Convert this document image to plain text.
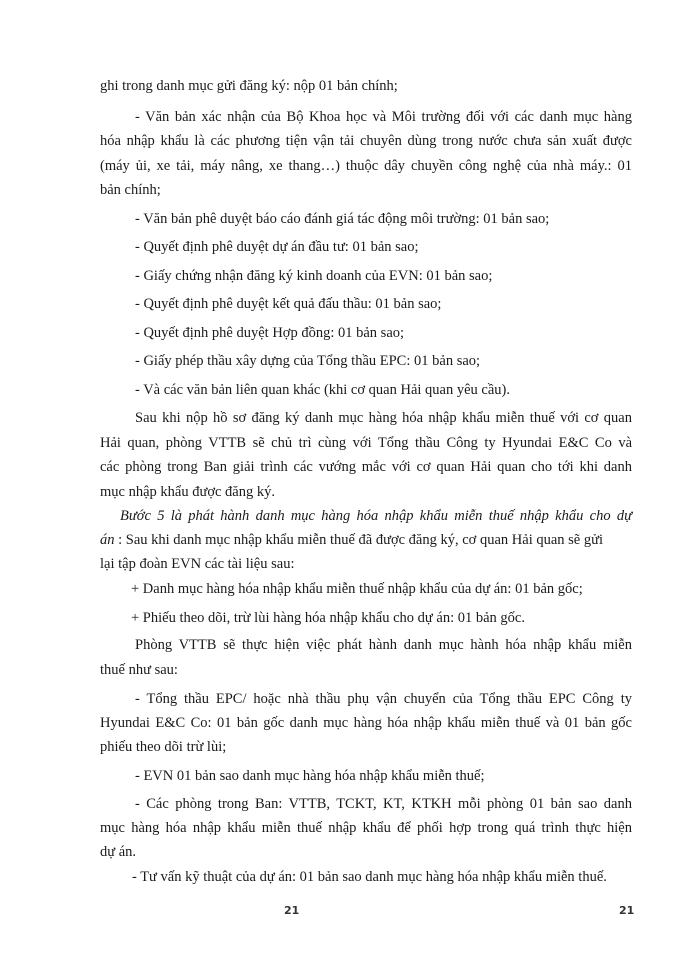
ghi trong danh mục gửi đăng ký: nộp 01 bản chính;

- Văn bản xác nhận của Bộ Khoa học và Môi trường đối với các danh mục hàng

hóa nhập khẩu là các phương tiện vận tải chuyên dùng trong nước chưa sản xuất được

(máy ủi, xe tải, máy nâng, xe thang…) thuộc dây chuyền công nghệ của nhà máy.: 01

bản chính;

- Văn bản phê duyệt báo cáo đánh giá tác động môi trường: 01 bản sao;

- Quyết định phê duyệt dự án đầu tư: 01 bản sao;

- Giấy chứng nhận đăng ký kinh doanh của EVN: 01 bản sao;

- Quyết định phê duyệt kết quả đấu thầu: 01 bản sao;

- Quyết định phê duyệt Hợp đồng: 01 bản sao;

- Giấy phép thầu xây dựng của Tổng thầu EPC: 01 bản sao;

- Và các văn bản liên quan khác (khi cơ quan Hải quan yêu cầu).

Sau khi nộp hồ sơ đăng ký danh mục hàng hóa nhập khẩu miễn thuế với cơ quan

Hải quan, phòng VTTB sẽ chủ trì cùng với Tổng thầu Công ty Hyundai E&C Co và

các phòng trong Ban giải trình các vướng mắc với cơ quan Hải quan cho tới khi danh

mục nhập khẩu được đăng ký.

Bước 5 là phát hành danh mục hàng hóa nhập khẩu miễn thuế nhập khẩu cho dự

án : Sau khi danh mục nhập khẩu miễn thuế đã được đăng ký, cơ quan Hải quan sẽ gửi

lại tập đoàn EVN các tài liệu sau:

+ Danh mục hàng hóa nhập khẩu miễn thuế nhập khẩu của dự án: 01 bản gốc;

+ Phiếu theo dõi, trừ lùi hàng hóa nhập khẩu cho dự án: 01 bản gốc.

Phòng VTTB sẽ thực hiện việc phát hành danh mục hành hóa nhập khẩu miễn

thuế như sau:

- Tổng thầu EPC/ hoặc nhà thầu phụ vận chuyển của Tổng thầu EPC Công ty

Hyundai E&C Co: 01 bản gốc danh mục hàng hóa nhập khẩu miễn thuế và 01 bản gốc

phiếu theo dõi trừ lùi;

- EVN 01 bản sao danh mục hàng hóa nhập khẩu miễn thuế;

- Các phòng trong Ban: VTTB, TCKT, KT, KTKH mỗi phòng 01 bản sao danh

mục hàng hóa nhập khẩu miễn thuế nhập khẩu để phối hợp trong quá trình thực hiện

dự án.

- Tư vấn kỹ thuật của dự án: 01 bản sao danh mục hàng hóa nhập khẩu miễn thuế.

21	21
